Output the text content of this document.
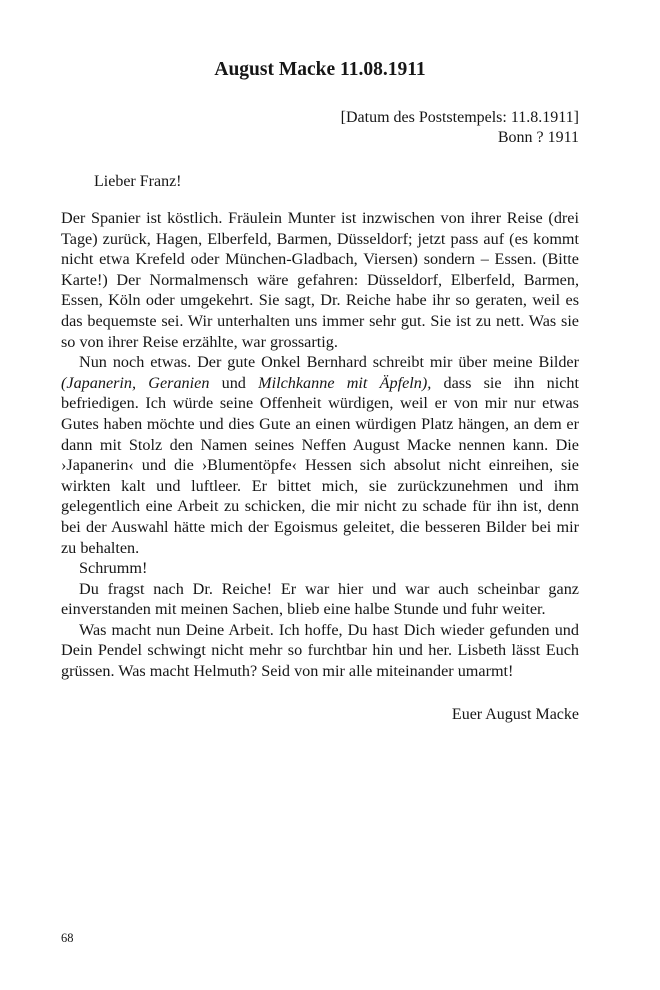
August Macke 11.08.1911
[Datum des Poststempels: 11.8.1911]
Bonn ? 1911

Lieber Franz!

Der Spanier ist köstlich. Fräulein Munter ist inzwischen von ihrer Reise (drei Tage) zurück, Hagen, Elberfeld, Barmen, Düsseldorf; jetzt pass auf (es kommt nicht etwa Krefeld oder München-Gladbach, Viersen) sondern – Essen. (Bitte Karte!) Der Normalmensch wäre gefahren: Düsseldorf, Elberfeld, Barmen, Essen, Köln oder umgekehrt. Sie sagt, Dr. Reiche habe ihr so geraten, weil es das bequemste sei. Wir unterhalten uns immer sehr gut. Sie ist zu nett. Was sie so von ihrer Reise erzählte, war grossartig.

Nun noch etwas. Der gute Onkel Bernhard schreibt mir über meine Bilder (Japanerin, Geranien und Milchkanne mit Äpfeln), dass sie ihn nicht befriedigen. Ich würde seine Offenheit würdigen, weil er von mir nur etwas Gutes haben möchte und dies Gute an einen würdigen Platz hängen, an dem er dann mit Stolz den Namen seines Neffen August Macke nennen kann. Die ›Japanerin‹ und die ›Blumentöpfe‹ Hessen sich absolut nicht einreihen, sie wirkten kalt und luftleer. Er bittet mich, sie zurückzunehmen und ihm gelegentlich eine Arbeit zu schicken, die mir nicht zu schade für ihn ist, denn bei der Auswahl hätte mich der Egoismus geleitet, die besseren Bilder bei mir zu behalten.

Schrumm!

Du fragst nach Dr. Reiche! Er war hier und war auch scheinbar ganz einverstanden mit meinen Sachen, blieb eine halbe Stunde und fuhr weiter.

Was macht nun Deine Arbeit. Ich hoffe, Du hast Dich wieder gefunden und Dein Pendel schwingt nicht mehr so furchtbar hin und her. Lisbeth lässt Euch grüssen. Was macht Helmuth? Seid von mir alle miteinander umarmt!

Euer August Macke

68
